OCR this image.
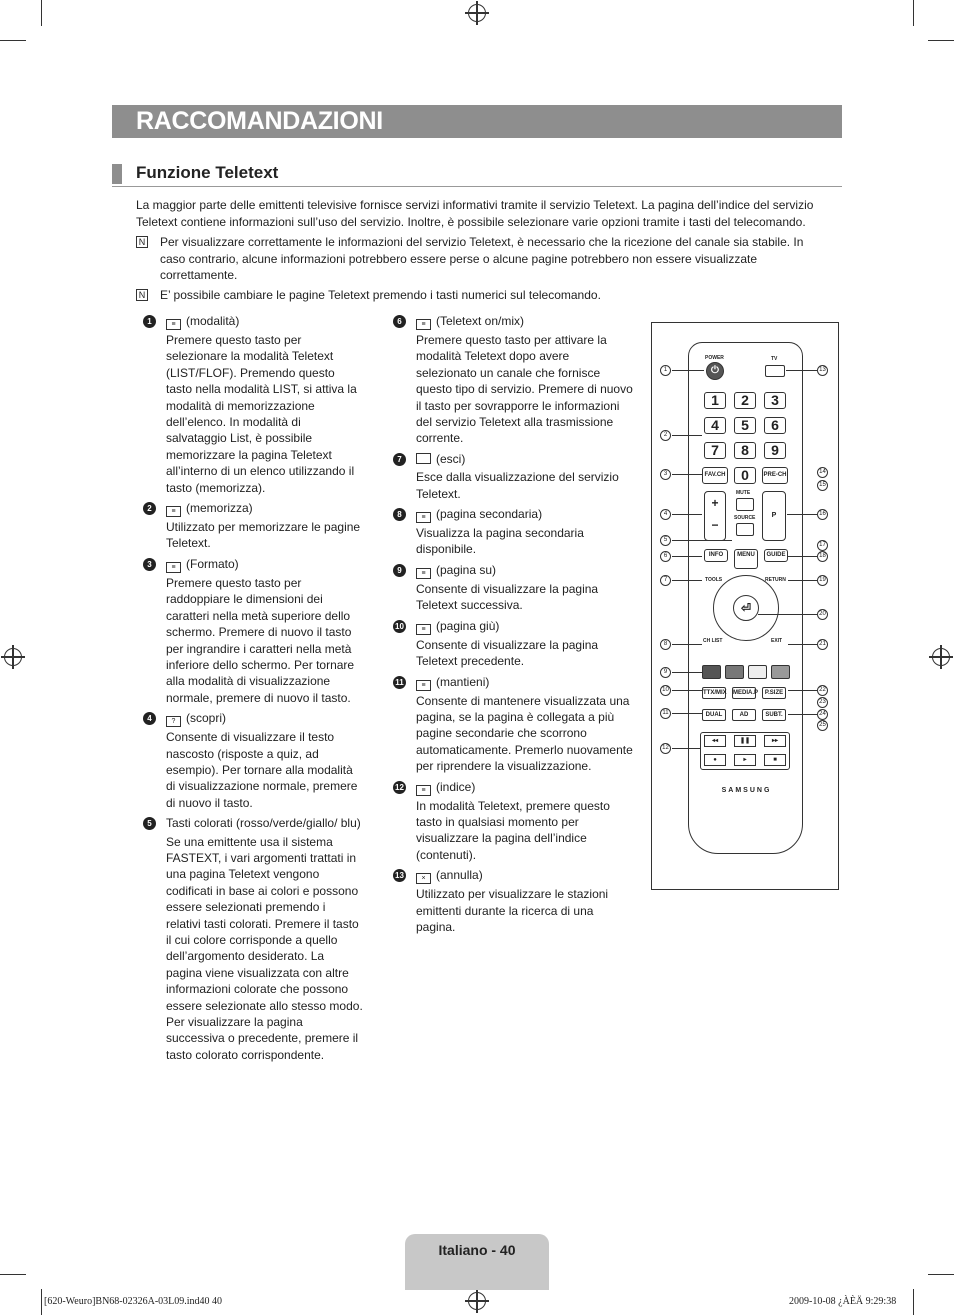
RACCOMANDAZIONI
Funzione Teletext

La maggior parte delle emittenti televisive fornisce servizi informativi tramite il servizio Teletext. La pagina dell’indice del servizio Teletext contiene informazioni sull’uso del servizio. Inoltre, è possibile selezionare varie opzioni tramite i tasti del telecomando.

N Per visualizzare correttamente le informazioni del servizio Teletext, è necessario che la ricezione del canale sia stabile. In caso contrario, alcune informazioni potrebbero essere perse o alcune pagine potrebbero non essere visualizzate correttamente.
N E’ possibile cambiare le pagine Teletext premendo i tasti numerici sul telecomando.
1	≡ (modalità)
Premere questo tasto per selezionare la modalità Teletext (LIST/FLOF). Premendo questo tasto nella modalità LIST, si attiva la modalità di memorizzazione dell’elenco. In modalità di salvataggio List, è possibile memorizzare la pagina Teletext all’interno di un elenco utilizzando il tasto (memorizza).
2	≡ (memorizza)
Utilizzato per memorizzare le pagine Teletext.
3	≡ (Formato)
Premere questo tasto per raddoppiare le dimensioni dei caratteri nella metà superiore dello schermo. Premere di nuovo il tasto per ingrandire i caratteri nella metà inferiore dello schermo. Per tornare alla modalità di visualizzazione normale, premere di nuovo il tasto.
4	? (scopri)
Consente di visualizzare il testo nascosto (risposte a quiz, ad esempio). Per tornare alla modalità di visualizzazione normale, premere di nuovo il tasto.
5	Tasti colorati (rosso/verde/giallo/ blu)
Se una emittente usa il sistema FASTEXT, i vari argomenti trattati in una pagina Teletext vengono codificati in base ai colori e possono essere selezionati premendo i relativi tasti colorati. Premere il tasto il cui colore corrisponde a quello dell’argomento desiderato. La pagina viene visualizzata con altre informazioni colorate che possono essere selezionate allo stesso modo. Per visualizzare la pagina successiva o precedente, premere il tasto colorato corrispondente.
6	≡ (Teletext on/mix)
Premere questo tasto per attivare la modalità Teletext dopo avere selezionato un canale che fornisce questo tipo di servizio. Premere di nuovo il tasto per sovrapporre le informazioni del servizio Teletext alla trasmissione corrente.
7	(esci)
Esce dalla visualizzazione del servizio Teletext.
8	≡ (pagina secondaria)
Visualizza la pagina secondaria disponibile.
9	≡ (pagina su)
Consente di visualizzare la pagina Teletext successiva.
10	≡ (pagina giù)
Consente di visualizzare la pagina Teletext precedente.
11	≡ (mantieni)
Consente di mantenere visualizzata una pagina, se la pagina è collegata a più pagine secondarie che scorrono automaticamente. Premerlo nuovamente per riprendere la visualizzazione.
12	≡ (indice)
In modalità Teletext, premere questo tasto in qualsiasi momento per visualizzare la pagina dell’indice (contenuti).
13	× (annulla)
Utilizzato per visualizzare le stazioni emittenti durante la ricerca di una pagina.
POWER
⏻
TV
1	2	3
4	5	6
7	8	9
FAV.CH	0	PRE-CH
+
−
MUTE
SOURCE	P
INFO	MENU	GUIDE
⏎
TOOLS	RETURN
CH LIST	EXIT
TTX/MIX MEDIA.P	P.SIZE
DUAL	AD	SUBT.
◂◂	❚❚	▸▸
●	▸	■
SAMSUNG
1
2
3
4
5
6
7
8
9
10
11
12
13
14
15
16
17
18
19
20
21
22
23
24
25
Italiano - 40
[620-Weuro]BN68-02326A-03L09.ind40 40	2009-10-08 ¿ÀÈÄ 9:29:38
